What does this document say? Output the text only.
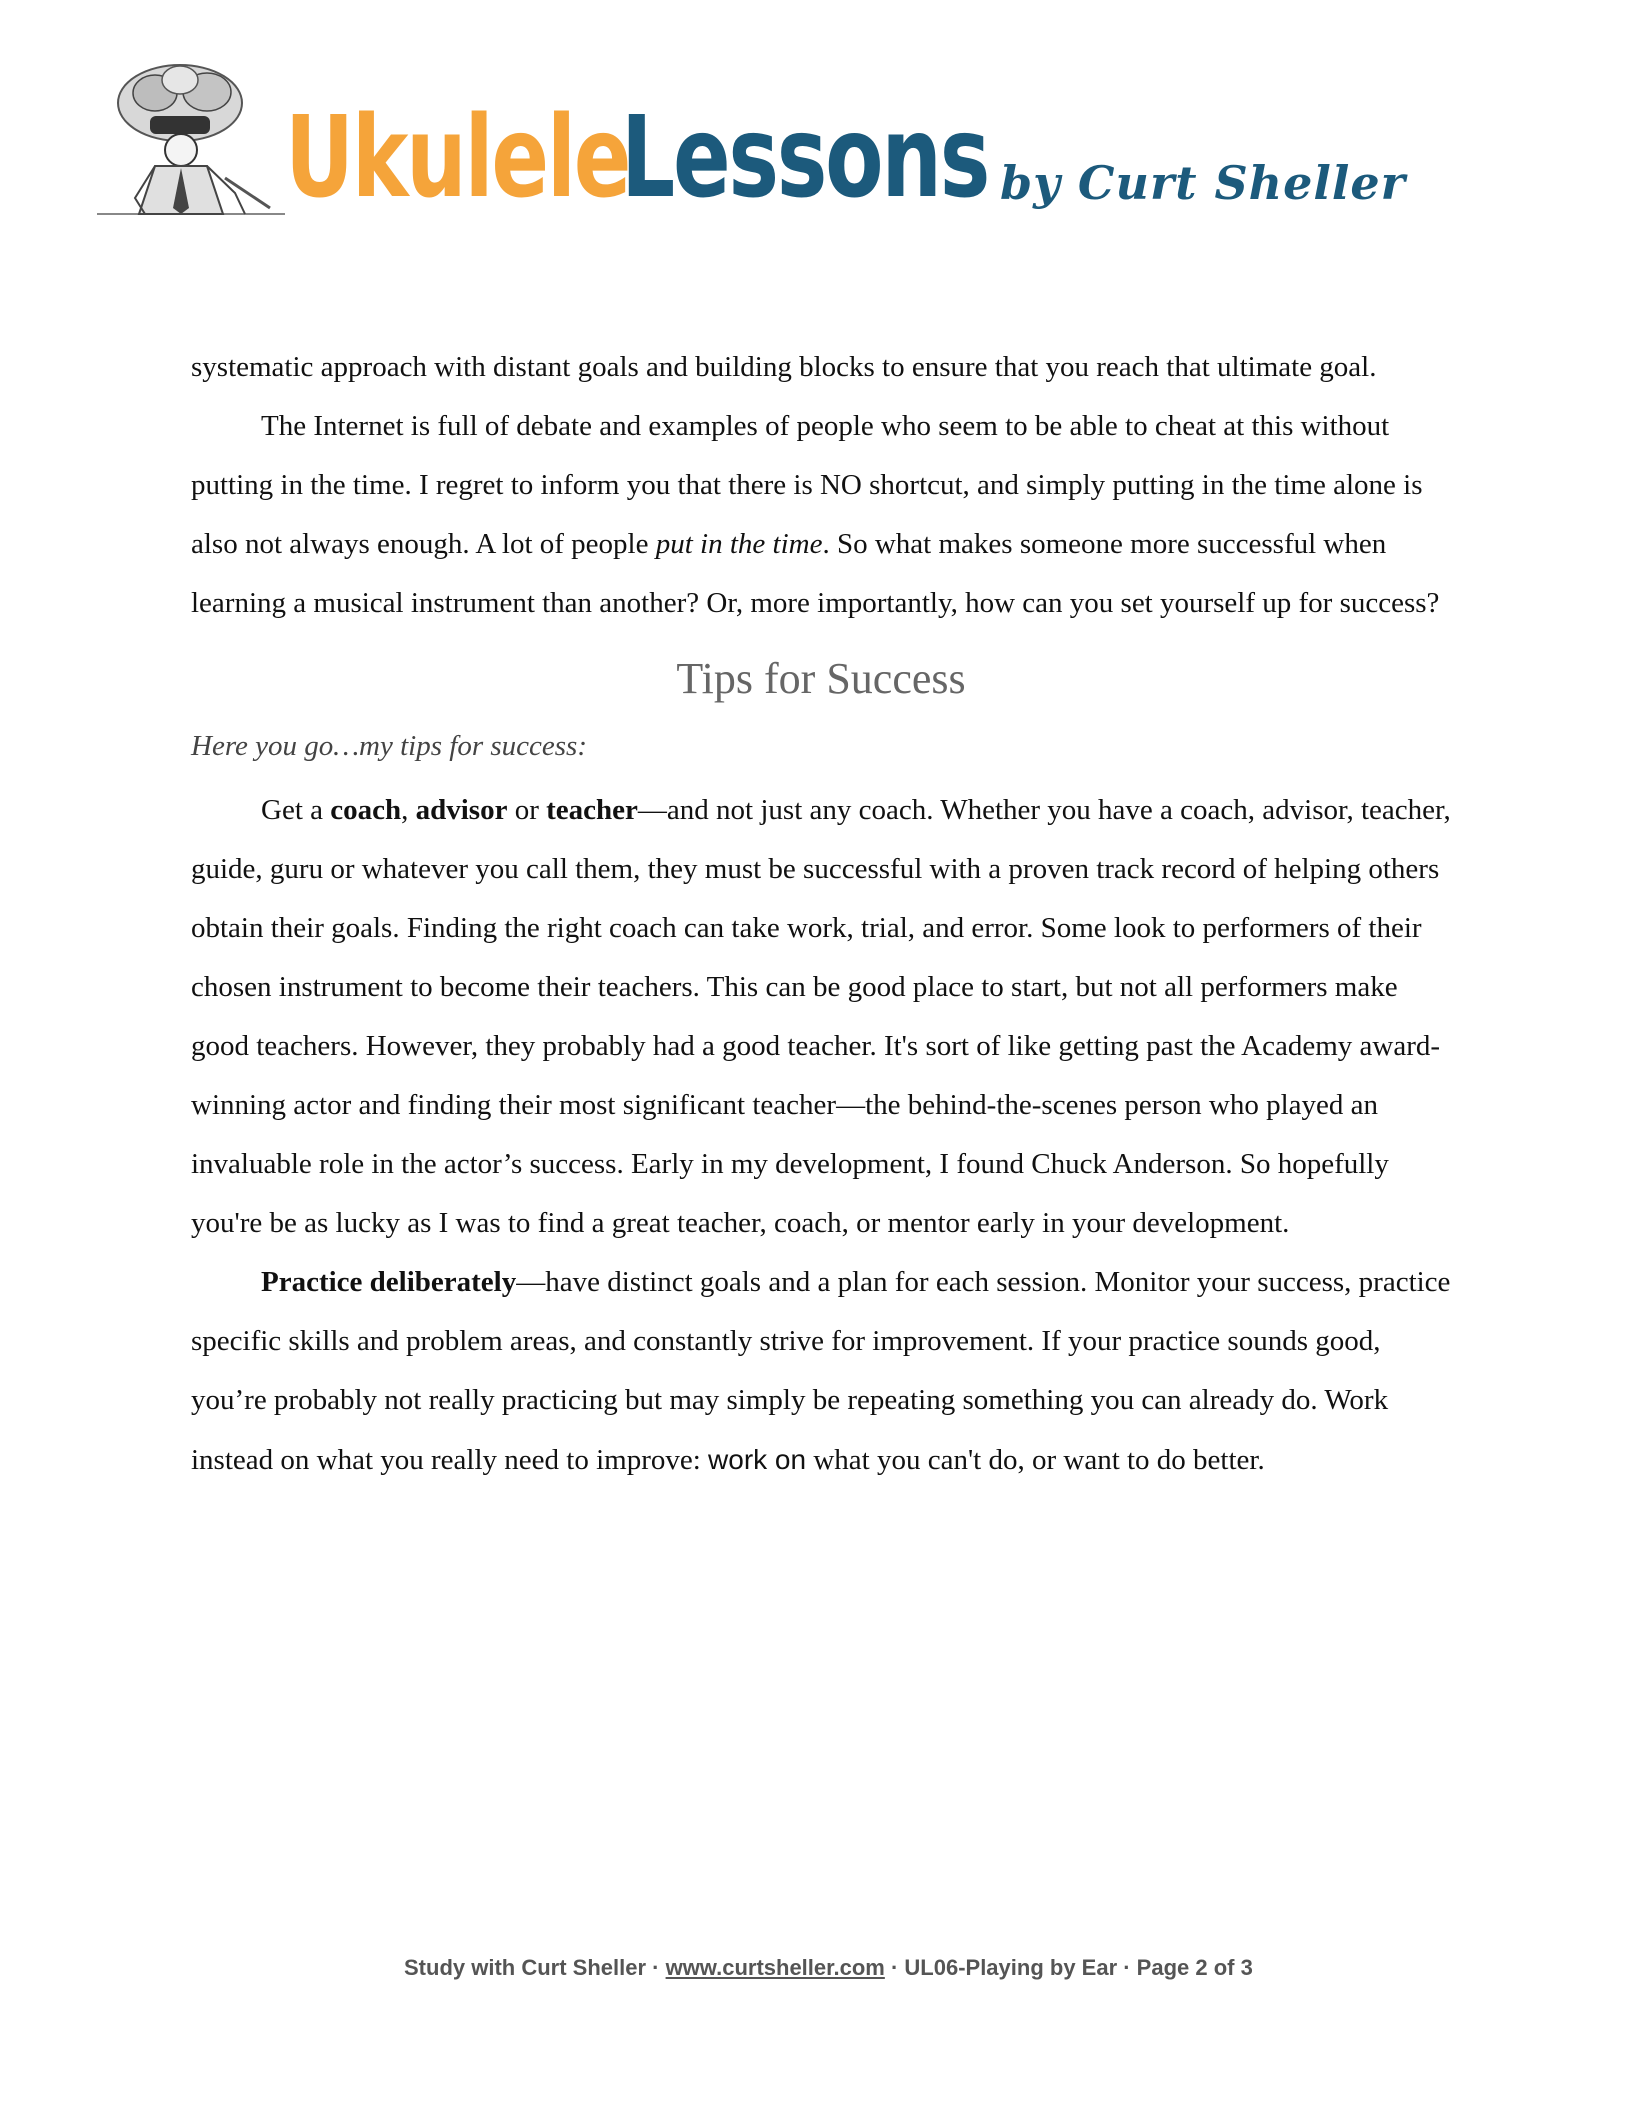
UkuleleLessons by Curt Sheller

systematic approach with distant goals and building blocks to ensure that you reach that ultimate goal.

The Internet is full of debate and examples of people who seem to be able to cheat at this without putting in the time. I regret to inform you that there is NO shortcut, and simply putting in the time alone is also not always enough. A lot of people put in the time. So what makes someone more successful when learning a musical instrument than another? Or, more importantly, how can you set yourself up for success?

Tips for Success

Here you go…my tips for success:

Get a coach, advisor or teacher—and not just any coach. Whether you have a coach, advisor, teacher, guide, guru or whatever you call them, they must be successful with a proven track record of helping others obtain their goals. Finding the right coach can take work, trial, and error. Some look to performers of their chosen instrument to become their teachers. This can be good place to start, but not all performers make good teachers. However, they probably had a good teacher. It's sort of like getting past the Academy award-winning actor and finding their most significant teacher—the behind-the-scenes person who played an invaluable role in the actor’s success. Early in my development, I found Chuck Anderson. So hopefully you're be as lucky as I was to find a great teacher, coach, or mentor early in your development.

Practice deliberately—have distinct goals and a plan for each session. Monitor your success, practice specific skills and problem areas, and constantly strive for improvement. If your practice sounds good, you’re probably not really practicing but may simply be repeating something you can already do. Work instead on what you really need to improve: work on what you can't do, or want to do better.

Study with Curt Sheller · www.curtsheller.com · UL06-Playing by Ear · Page 2 of 3
